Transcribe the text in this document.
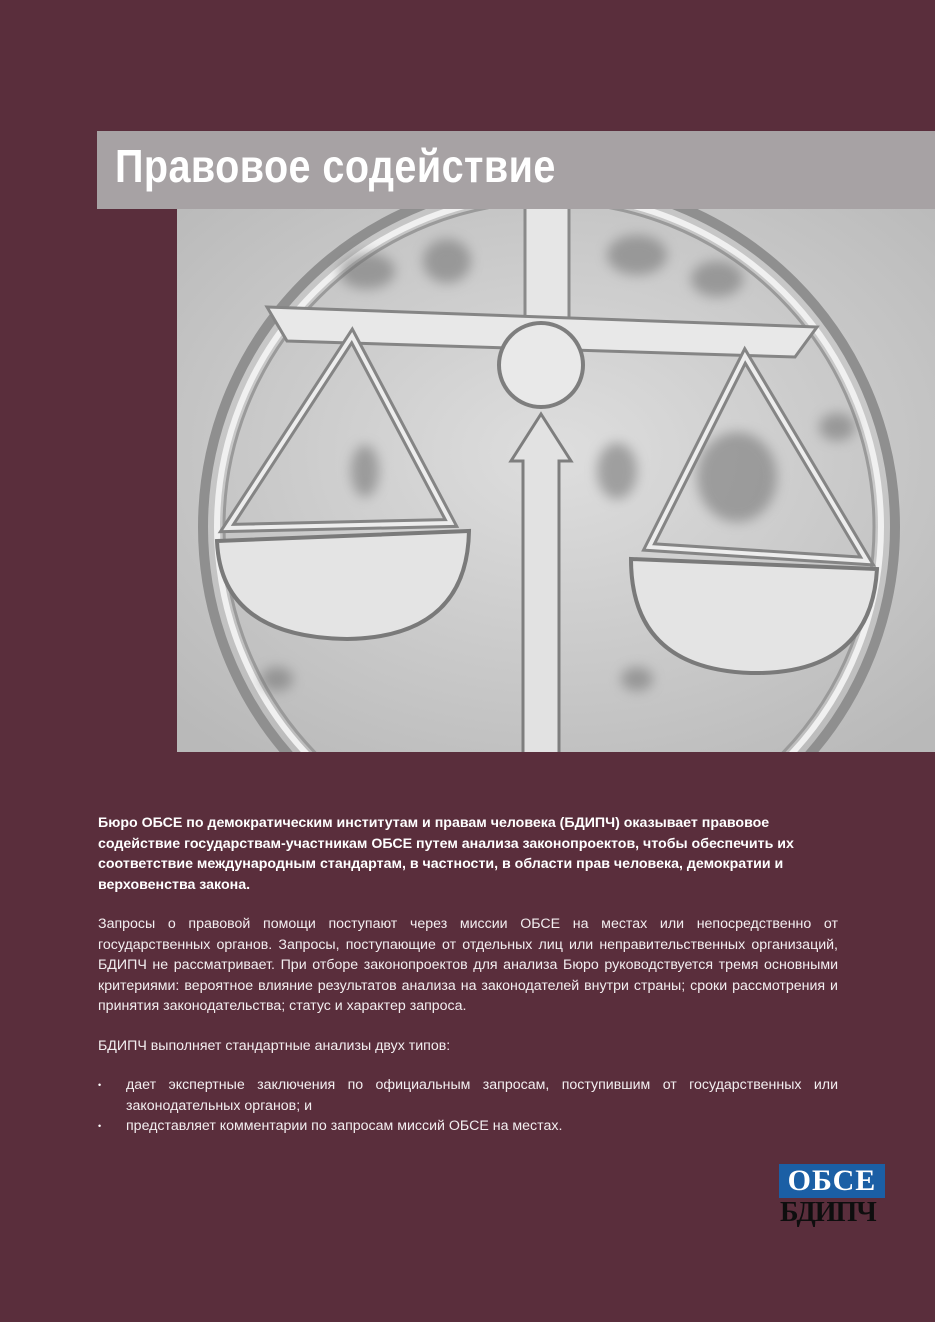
Правовое содействие

Бюро ОБСЕ по демократическим институтам и правам человека (БДИПЧ) оказывает правовое содействие государствам-участникам ОБСЕ путем анализа законопроектов, чтобы обеспечить их соответствие международным стандартам, в частности, в области прав человека, демократии и верховенства закона.

Запросы о правовой помощи поступают через миссии ОБСЕ на местах или непосредственно от государственных органов. Запросы, поступающие от отдельных лиц или неправительственных организаций, БДИПЧ не рассматривает. При отборе законопроектов для анализа Бюро руководствуется тремя основными критериями: вероятное влияние результатов анализа на законодателей внутри страны; сроки рассмотрения и принятия законодательства; статус и характер запроса.

БДИПЧ выполняет стандартные анализы двух типов:

• дает экспертные заключения по официальным запросам, поступившим от государственных или законодательных органов; и
• представляет комментарии по запросам миссий ОБСЕ на местах.
ОБСЕ
БДИПЧ
